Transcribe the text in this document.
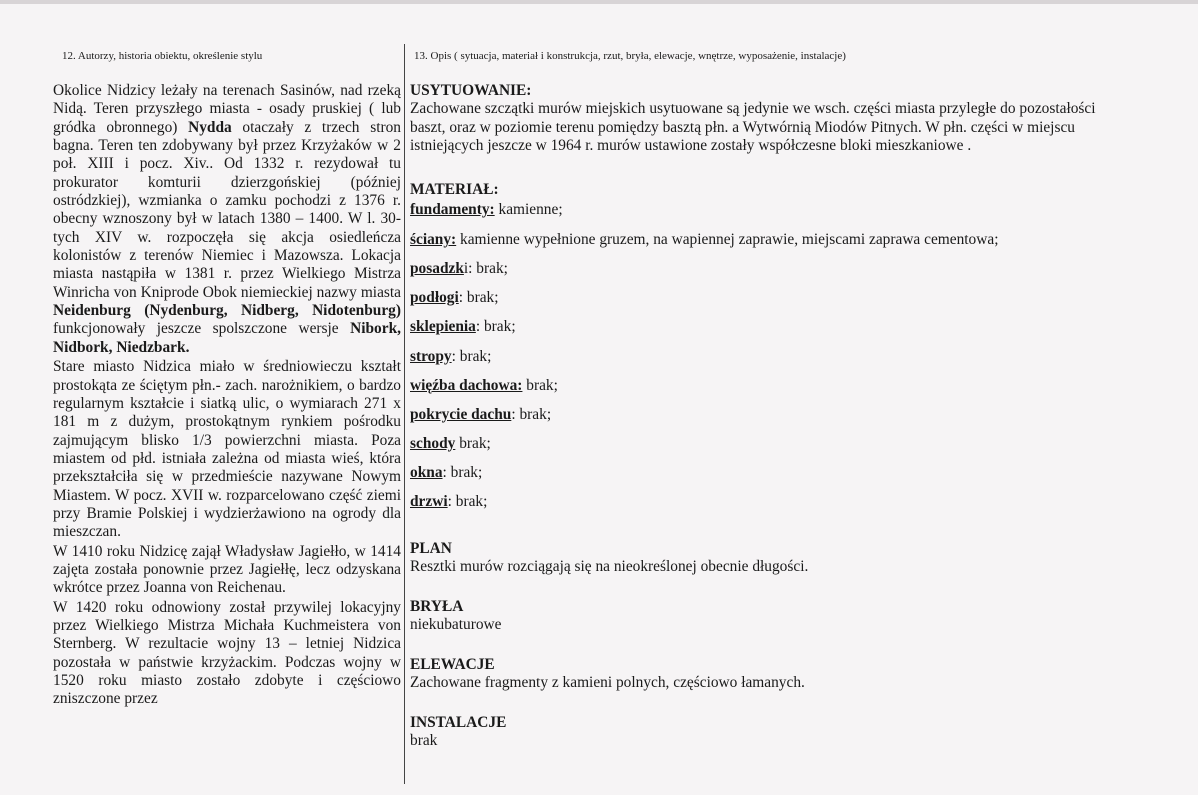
12. Autorzy, historia obiektu, określenie stylu	13. Opis ( sytuacja, materiał i konstrukcja, rzut, bryła, elewacje, wnętrze, wyposażenie, instalacje)

Okolice Nidzicy leżały na terenach Sasinów, nad rzeką Nidą. Teren przyszłego miasta - osady pruskiej ( lub gródka obronnego) Nydda otaczały z trzech stron bagna. Teren ten zdobywany był przez Krzyżaków w 2 poł. XIII i pocz. Xiv.. Od 1332 r. rezydował tu prokurator komturii dzierzgońskiej (później ostródzkiej), wzmianka o zamku pochodzi z 1376 r. obecny wznoszony był w latach 1380 – 1400. W l. 30-tych XIV w. rozpoczęła się akcja osiedleńcza kolonistów z terenów Niemiec i Mazowsza. Lokacja miasta nastąpiła w 1381 r. przez Wielkiego Mistrza Winricha von Kniprode Obok niemieckiej nazwy miasta Neidenburg (Nydenburg, Nidberg, Nidotenburg) funkcjonowały jeszcze spolszczone wersje Nibork, Nidbork, Niedzbark.

Stare miasto Nidzica miało w średniowieczu kształt prostokąta ze ściętym płn.- zach. narożnikiem, o bardzo regularnym kształcie i siatką ulic, o wymiarach 271 x 181 m z dużym, prostokątnym rynkiem pośrodku zajmującym blisko 1/3 powierzchni miasta. Poza miastem od płd. istniała zależna od miasta wieś, która przekształciła się w przedmieście nazywane Nowym Miastem. W pocz. XVII w. rozparcelowano część ziemi przy Bramie Polskiej i wydzierżawiono na ogrody dla mieszczan.

W 1410 roku Nidzicę zajął Władysław Jagiełło, w 1414 zajęta została ponownie przez Jagiełłę, lecz odzyskana wkrótce przez Joanna von Reichenau.

W 1420 roku odnowiony został przywilej lokacyjny przez Wielkiego Mistrza Michała Kuchmeistera von Sternberg. W rezultacie wojny 13 – letniej Nidzica pozostała w państwie krzyżackim. Podczas wojny w 1520 roku miasto zostało zdobyte i częściowo zniszczone przez

USYTUOWANIE:

Zachowane szczątki murów miejskich usytuowane są jedynie we wsch. części miasta przyległe do pozostałości

baszt, oraz w poziomie terenu pomiędzy basztą płn. a Wytwórnią Miodów Pitnych. W płn. części w miejscu

istniejących jeszcze w 1964 r. murów ustawione zostały współczesne bloki mieszkaniowe .

MATERIAŁ:
fundamenty: kamienne;
ściany: kamienne wypełnione gruzem, na wapiennej zaprawie, miejscami zaprawa cementowa;
posadzki: brak;
podłogi: brak;
sklepienia: brak;
stropy: brak;
więźba dachowa: brak;
pokrycie dachu: brak;
schody brak;
okna: brak;
drzwi: brak;

PLAN

Resztki murów rozciągają się na nieokreślonej obecnie długości.

BRYŁA

niekubaturowe

ELEWACJE

Zachowane fragmenty z kamieni polnych, częściowo łamanych.

INSTALACJE

brak
